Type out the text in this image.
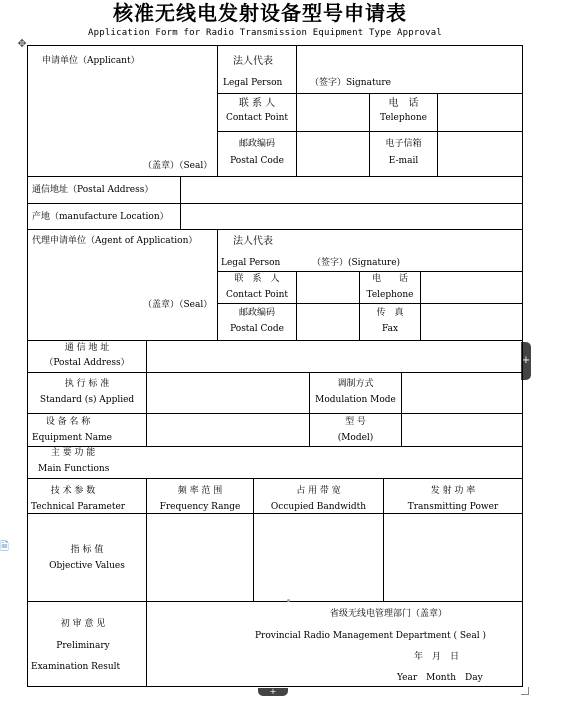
核准无线电发射设备型号申请表
Application Form for Radio Transmission Equipment Type Approval
✥
🗎
+
+
申请单位（Applicant）
（盖章）（Seal）
法人代表
Legal Person	（签字）Signature
联 系 人
Contact Point
电　话
Telephone
邮政编码
Postal Code
电子信箱
E-mail
通信地址（Postal Address）
产地（manufacture Location）
代理申请单位（Agent of Application）
（盖章）（Seal）
法人代表
Legal Person	（签字）(Signature)
联　系　人
Contact Point
电　　话
Telephone
邮政编码
Postal Code
传　真
Fax
通 信 地 址
（Postal Address）
执 行 标 准
Standard (s) Applied
调制方式
Modulation Mode
设 备 名 称
Equipment Name
型 号
(Model)
主 要 功 能
Main Functions
技 术 参 数
Technical Parameter
频 率 范 围
Frequency Range
占 用 带 宽
Occupied Bandwidth
发 射 功 率
Transmitting Power
指 标 值
Objective Values
初 审 意 见
Preliminary
Examination Result
省级无线电管理部门（盖章）
Provincial Radio Management Department ( Seal )
年　月　日
Year　Month　Day
